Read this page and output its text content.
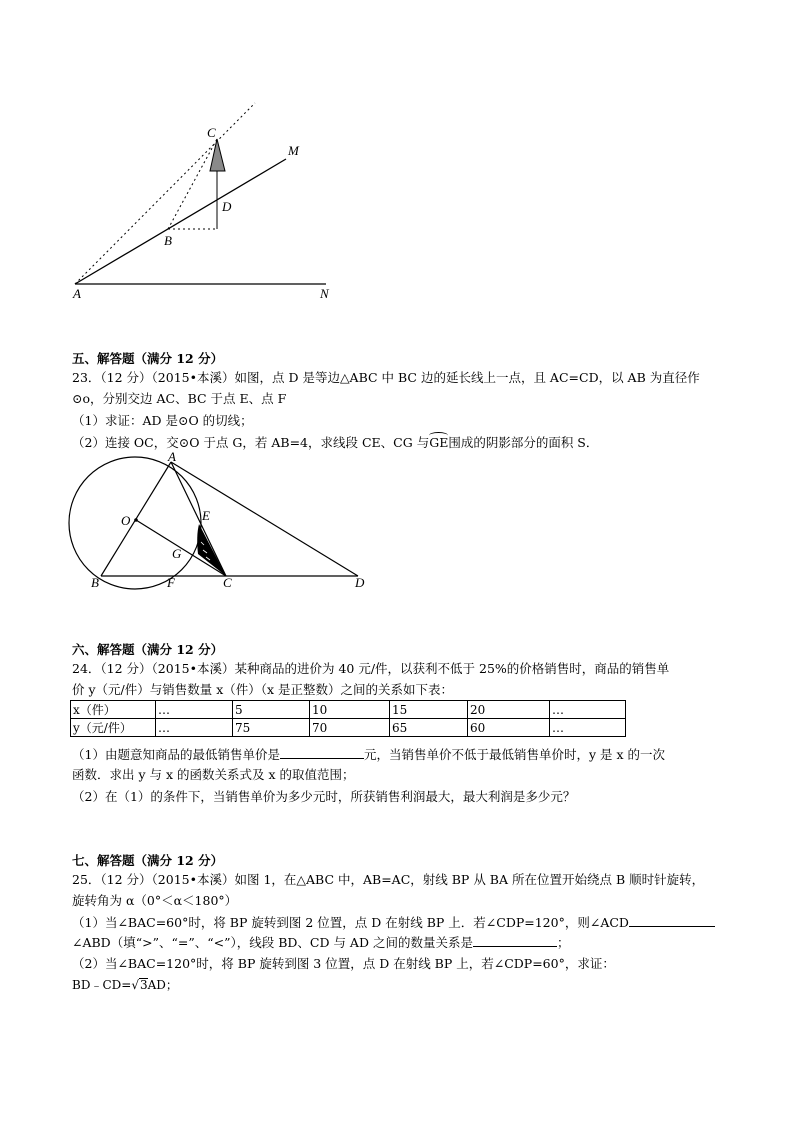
C
M
D
B
A	N
五、解答题（满分 12 分）
23．（12 分）（2015•本溪）如图，点 D 是等边△ABC 中 BC 边的延长线上一点，且 AC=CD，以 AB 为直径作
⊙o，分别交边 AC、BC 于点 E、点 F
（1）求证：AD 是⊙O 的切线；
（2）连接 OC，交⊙O 于点 G，若 AB=4，求线段 CE、CG 与GE围成的阴影部分的面积 S．
A
O	E
G
B	F	C	D
六、解答题（满分 12 分）
24．（12 分）（2015•本溪）某种商品的进价为 40 元/件，以获利不低于 25%的价格销售时，商品的销售单
价 y（元/件）与销售数量 x（件）（x 是正整数）之间的关系如下表：
x（件）	…	5	10	15	20	…
y（元/件）	…	75	70	65	60	…
（1）由题意知商品的最低销售单价是	元，当销售单价不低于最低销售单价时，y 是 x 的一次
函数．求出 y 与 x 的函数关系式及 x 的取值范围；
（2）在（1）的条件下，当销售单价为多少元时，所获销售利润最大，最大利润是多少元？
七、解答题（满分 12 分）
25．（12 分）（2015•本溪）如图 1，在△ABC 中，AB=AC，射线 BP 从 BA 所在位置开始绕点 B 顺时针旋转，
旋转角为 α（0°＜α＜180°）
（1）当∠BAC=60°时，将 BP 旋转到图 2 位置，点 D 在射线 BP 上．若∠CDP=120°，则∠ACD
∠ABD（填“>”、“=”、“<”），线段 BD、CD 与 AD 之间的数量关系是	；
（2）当∠BAC=120°时，将 BP 旋转到图 3 位置，点 D 在射线 BP 上，若∠CDP=60°，求证：
BD﹣CD=√3AD；
